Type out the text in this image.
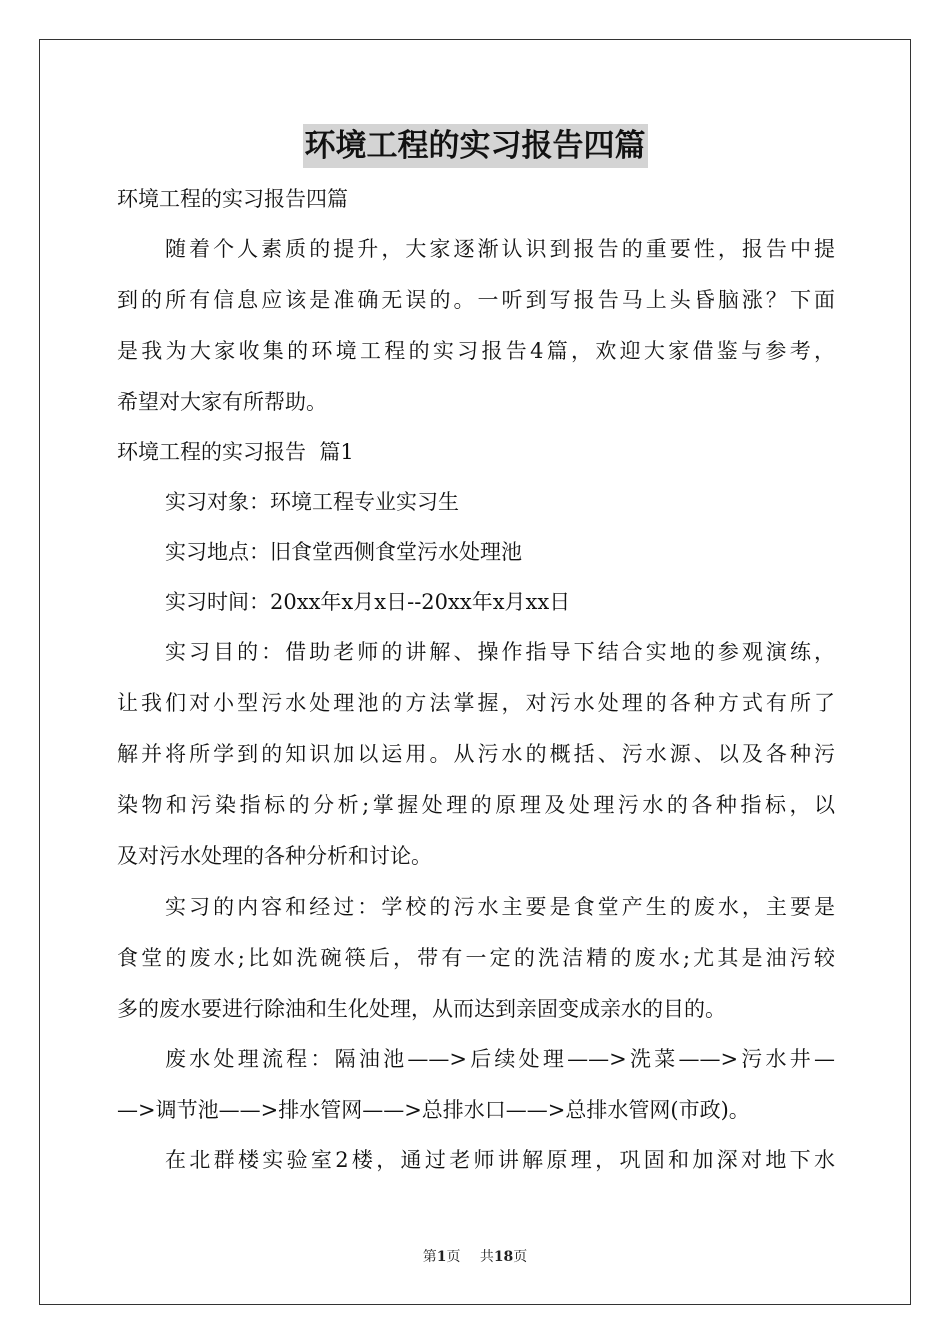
环境工程的实习报告四篇
环境工程的实习报告四篇
随着个人素质的提升，大家逐渐认识到报告的重要性，报告中提
到的所有信息应该是准确无误的。一听到写报告马上头昏脑涨？下面
是我为大家收集的环境工程的实习报告4篇，欢迎大家借鉴与参考，
希望对大家有所帮助。
环境工程的实习报告  篇1
实习对象：环境工程专业实习生
实习地点：旧食堂西侧食堂污水处理池
实习时间：20xx年x月x日--20xx年x月xx日
实习目的：借助老师的讲解、操作指导下结合实地的参观演练，
让我们对小型污水处理池的方法掌握，对污水处理的各种方式有所了
解并将所学到的知识加以运用。从污水的概括、污水源、以及各种污
染物和污染指标的分析;掌握处理的原理及处理污水的各种指标，以
及对污水处理的各种分析和讨论。
实习的内容和经过：学校的污水主要是食堂产生的废水，主要是
食堂的废水;比如洗碗筷后，带有一定的洗洁精的废水;尤其是油污较
多的废水要进行除油和生化处理，从而达到亲固变成亲水的目的。
废水处理流程：隔油池——>后续处理——>洗菜——>污水井—
—>调节池——>排水管网——>总排水口——>总排水管网(市政)。
在北群楼实验室2楼，通过老师讲解原理，巩固和加深对地下水
第1页 共18页
